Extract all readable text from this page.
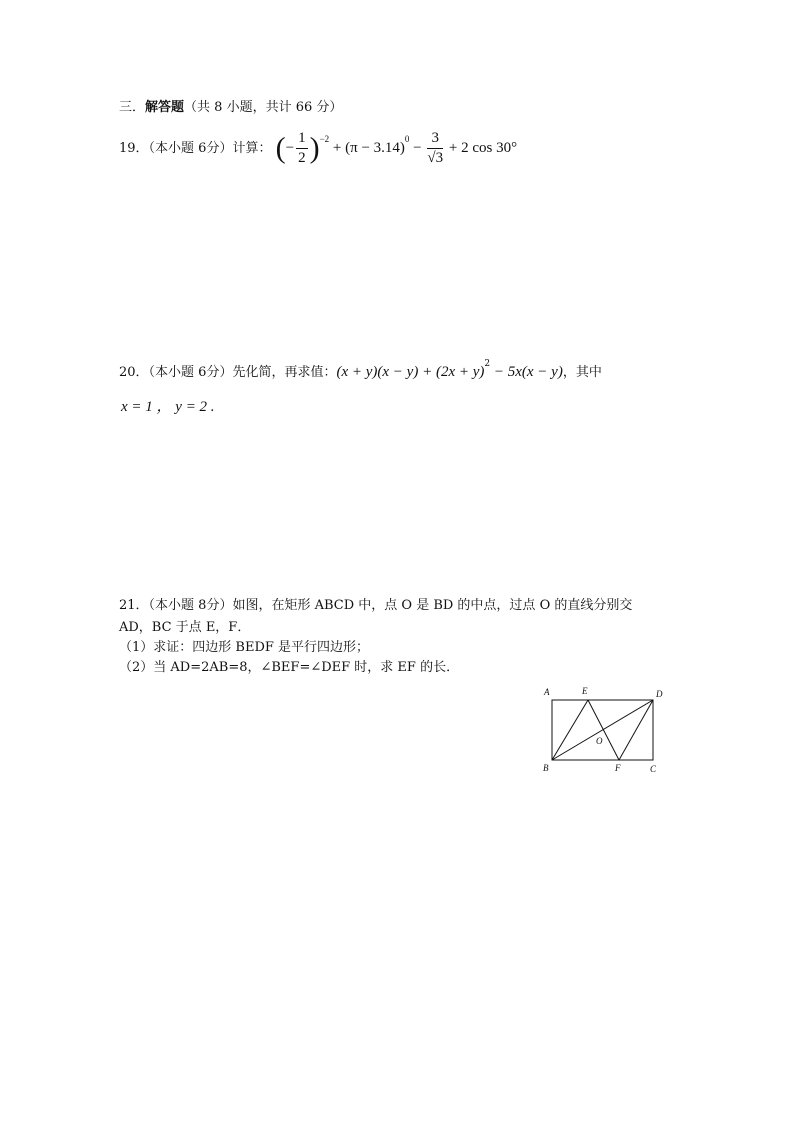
三．解答题（共 8 小题，共计 66 分）
19．（本小题 6分）计算： (− $\frac{1}{2} )^{-2} + (\pi - 3.14)^0 - \frac{3}{√3} + 2$ cos 30°
20．（本小题 6分）先化简，再求值：$(x + y)(x - y) + (2x + y)^2 - 5x(x - y)$，其中
x = 1 ， y = 2 .
21．（本小题 8分）如图，在矩形 ABCD 中，点 O 是 BD 的中点，过点 O 的直线分别交
AD，BC 于点 E，F．
（1）求证：四边形 BEDF 是平行四边形；
（2）当 AD=2AB=8，∠BEF=∠DEF 时，求 EF 的长．
A	E	D
O
B	F	C
